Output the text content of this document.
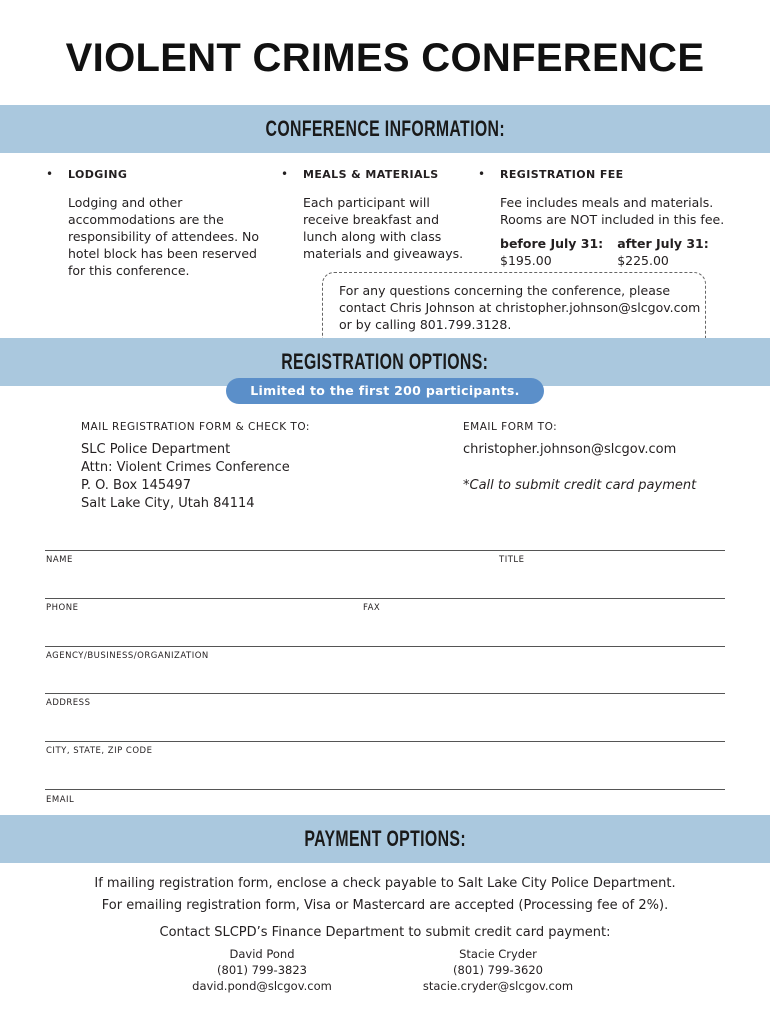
VIOLENT CRIMES CONFERENCE
CONFERENCE INFORMATION:
• LODGING
Lodging and other
accommodations are the
responsibility of attendees. No
hotel block has been reserved
for this conference.
• MEALS & MATERIALS
Each participant will
receive breakfast and
lunch along with class
materials and giveaways.
• REGISTRATION FEE
Fee includes meals and materials.
Rooms are NOT included in this fee.
before July 31:
$195.00
after July 31:
$225.00
For any questions concerning the conference, please
contact Chris Johnson at christopher.johnson@slcgov.com
or by calling 801.799.3128.
REGISTRATION OPTIONS:
Limited to the first 200 participants.
MAIL REGISTRATION FORM & CHECK TO:
SLC Police Department
Attn: Violent Crimes Conference
P. O. Box 145497
Salt Lake City, Utah 84114
EMAIL FORM TO:
christopher.johnson@slcgov.com
*Call to submit credit card payment
NAME	TITLE
PHONE	FAX
AGENCY/BUSINESS/ORGANIZATION
ADDRESS
CITY, STATE, ZIP CODE
EMAIL
PAYMENT OPTIONS:
If mailing registration form, enclose a check payable to Salt Lake City Police Department.
For emailing registration form, Visa or Mastercard are accepted (Processing fee of 2%).
Contact SLCPD’s Finance Department to submit credit card payment:
David Pond
(801) 799-3823
david.pond@slcgov.com
Stacie Cryder
(801) 799-3620
stacie.cryder@slcgov.com
